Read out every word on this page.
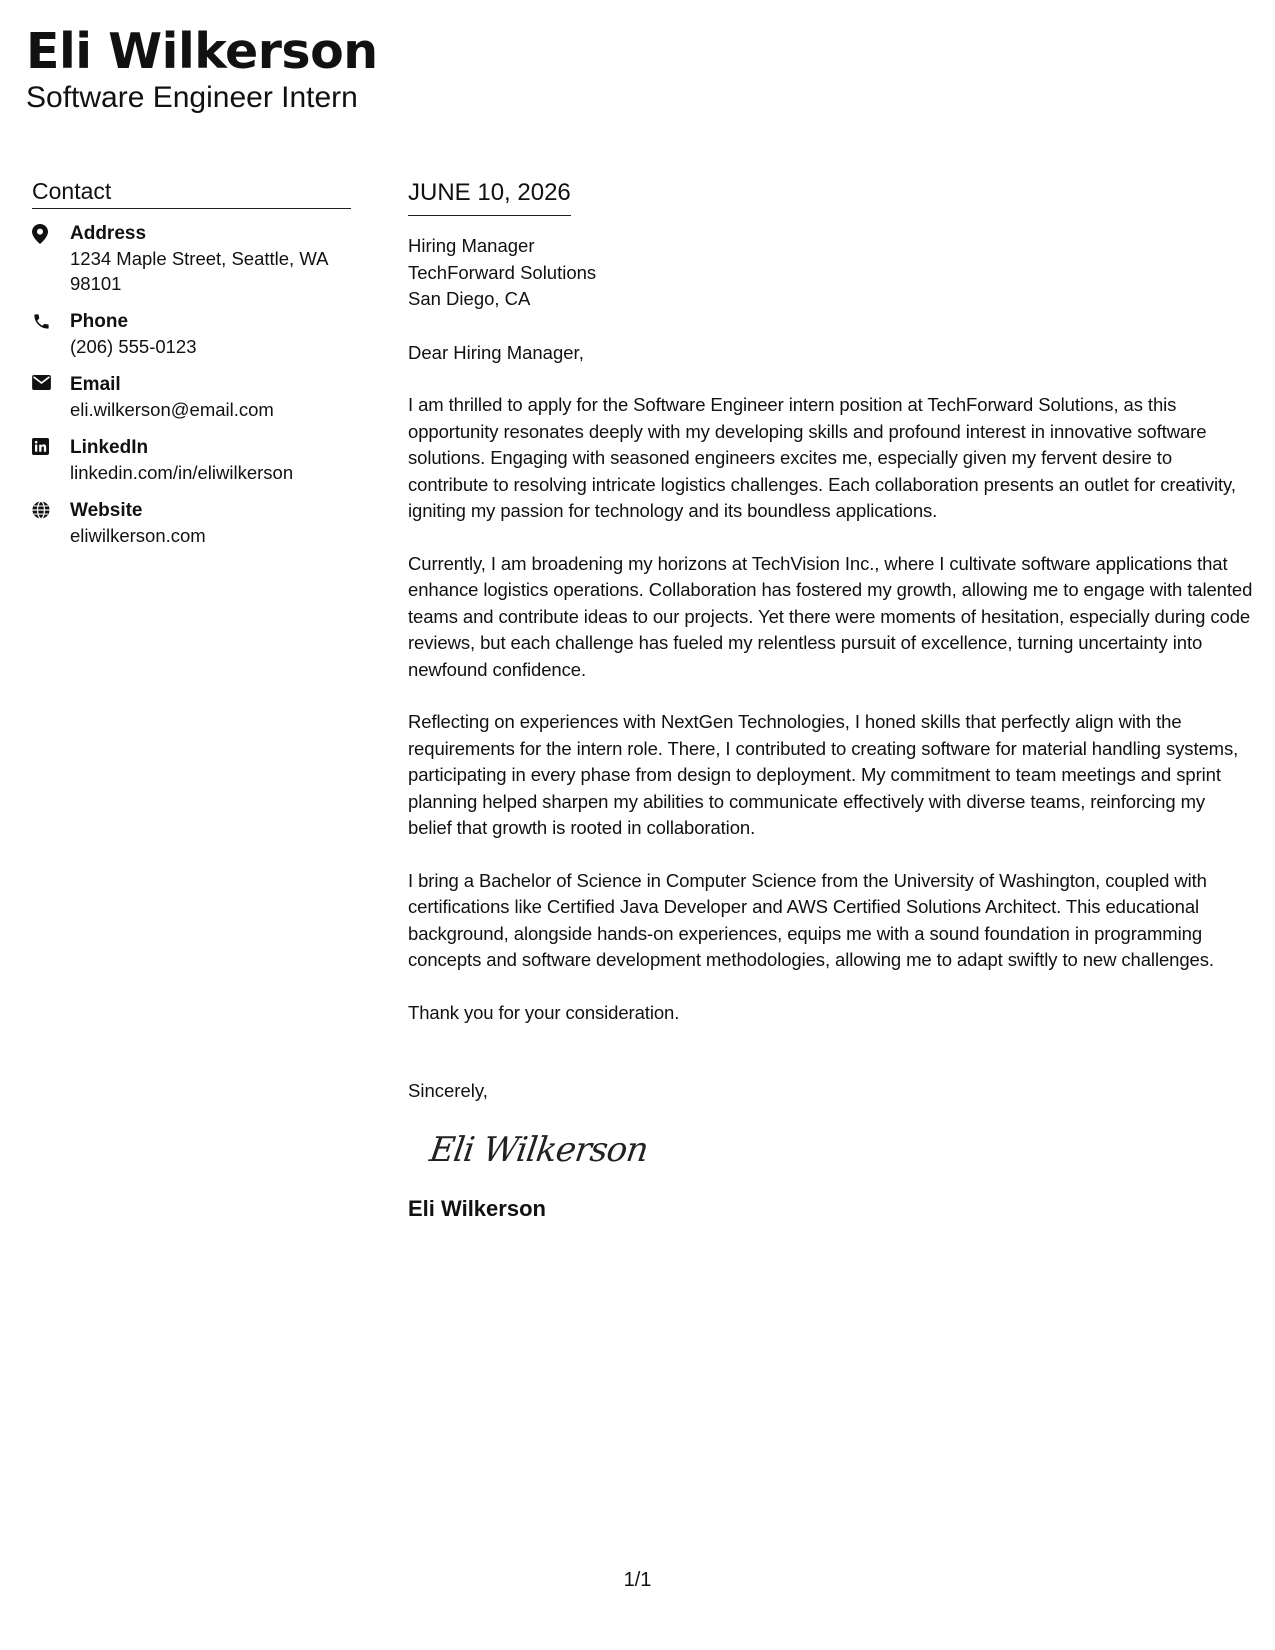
Eli Wilkerson
Software Engineer Intern
Contact
Address
1234 Maple Street, Seattle, WA 98101
Phone
(206) 555-0123
Email
eli.wilkerson@email.com
LinkedIn
linkedin.com/in/eliwilkerson
Website
eliwilkerson.com
JUNE 10, 2026
Hiring Manager
TechForward Solutions
San Diego, CA
Dear Hiring Manager,
I am thrilled to apply for the Software Engineer intern position at TechForward Solutions, as this opportunity resonates deeply with my developing skills and profound interest in innovative software solutions. Engaging with seasoned engineers excites me, especially given my fervent desire to contribute to resolving intricate logistics challenges. Each collaboration presents an outlet for creativity, igniting my passion for technology and its boundless applications.
Currently, I am broadening my horizons at TechVision Inc., where I cultivate software applications that enhance logistics operations. Collaboration has fostered my growth, allowing me to engage with talented teams and contribute ideas to our projects. Yet there were moments of hesitation, especially during code reviews, but each challenge has fueled my relentless pursuit of excellence, turning uncertainty into newfound confidence.
Reflecting on experiences with NextGen Technologies, I honed skills that perfectly align with the requirements for the intern role. There, I contributed to creating software for material handling systems, participating in every phase from design to deployment. My commitment to team meetings and sprint planning helped sharpen my abilities to communicate effectively with diverse teams, reinforcing my belief that growth is rooted in collaboration.
I bring a Bachelor of Science in Computer Science from the University of Washington, coupled with certifications like Certified Java Developer and AWS Certified Solutions Architect. This educational background, alongside hands-on experiences, equips me with a sound foundation in programming concepts and software development methodologies, allowing me to adapt swiftly to new challenges.
Thank you for your consideration.
Sincerely,
Eli Wilkerson
Eli Wilkerson
1/1
